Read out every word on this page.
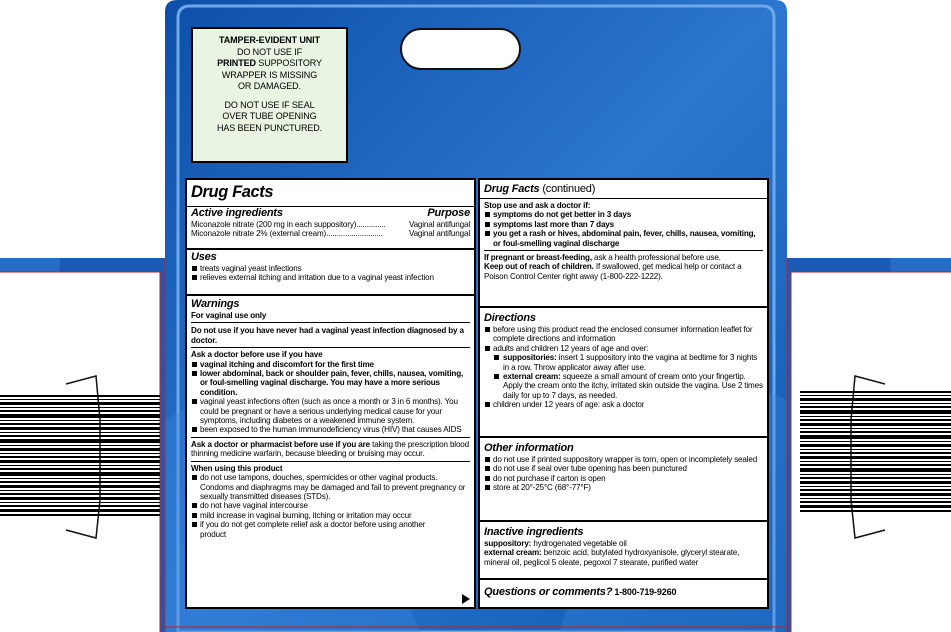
TAMPER-EVIDENT UNIT

DO NOT USE IF

PRINTED SUPPOSITORY

WRAPPER IS MISSING

OR DAMAGED.

DO NOT USE IF SEAL

OVER TUBE OPENING

HAS BEEN PUNCTURED.

Drug Facts
Active ingredients	Purpose
Miconazole nitrate (200 mg in each suppository) ..............	Vaginal antifungal
Miconazole nitrate 2% (external cream) ...........................	Vaginal antifungal
Uses
treats vaginal yeast infections
relieves external itching and irritation due to a vaginal yeast infection
Warnings
For vaginal use only
Do not use if you have never had a vaginal yeast infection diagnosed by a doctor.
Ask a doctor before use if you have
vaginal itching and discomfort for the first time
lower abdominal, back or shoulder pain, fever, chills, nausea, vomiting, or foul-smelling vaginal discharge. You may have a more serious condition.
vaginal yeast infections often (such as once a month or 3 in 6 months). You could be pregnant or have a serious underlying medical cause for your symptoms, including diabetes or a weakened immune system.
been exposed to the human immunodeficiency virus (HIV) that causes AIDS
Ask a doctor or pharmacist before use if you are taking the prescription blood thinning medicine warfarin, because bleeding or bruising may occur.
When using this product
do not use tampons, douches, spermicides or other vaginal products. Condoms and diaphragms may be damaged and fail to prevent pregnancy or sexually transmitted diseases (STDs).
do not have vaginal intercourse
mild increase in vaginal burning, itching or irritation may occur
if you do not get complete relief ask a doctor before using another product
Drug Facts (continued)
Stop use and ask a doctor if:
symptoms do not get better in 3 days
symptoms last more than 7 days
you get a rash or hives, abdominal pain, fever, chills, nausea, vomiting, or foul-smelling vaginal discharge
If pregnant or breast-feeding, ask a health professional before use.
Keep out of reach of children. If swallowed, get medical help or contact a Poison Control Center right away (1-800-222-1222).
Directions
before using this product read the enclosed consumer information leaflet for complete directions and information
adults and children 12 years of age and over:
suppositories: insert 1 suppository into the vagina at bedtime for 3 nights in a row. Throw applicator away after use.
external cream: squeeze a small amount of cream onto your fingertip. Apply the cream onto the itchy, irritated skin outside the vagina. Use 2 times daily for up to 7 days, as needed.
children under 12 years of age: ask a doctor
Other information
do not use if printed suppository wrapper is torn, open or incompletely sealed
do not use if seal over tube opening has been punctured
do not purchase if carton is open
store at 20°-25°C (68°-77°F)
Inactive ingredients
suppository: hydrogenated vegetable oil
external cream: benzoic acid, butylated hydroxyanisole, glyceryl stearate, mineral oil, peglicol 5 oleate, pegoxol 7 stearate, purified water
Questions or comments? 1-800-719-9260
